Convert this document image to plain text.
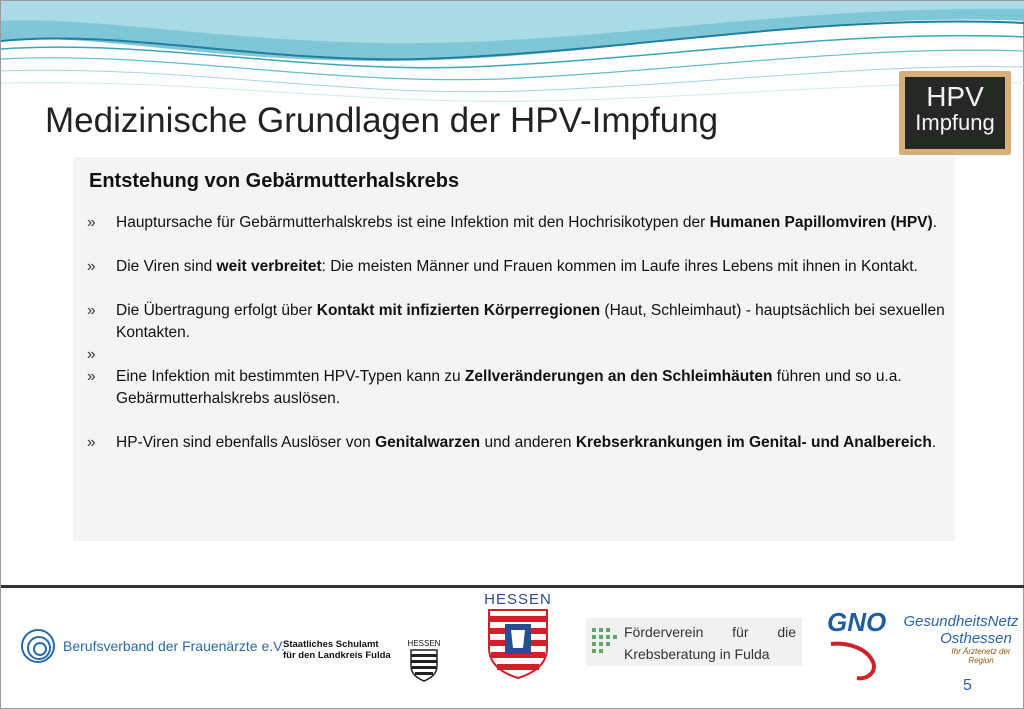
Medizinische Grundlagen der HPV-Impfung
HPV
Impfung
Entstehung von Gebärmutterhalskrebs
»	Hauptursache für Gebärmutterhalskrebs ist eine Infektion mit den Hochrisikotypen der Humanen Papillomviren (HPV).
»	Die Viren sind weit verbreitet: Die meisten Männer und Frauen kommen im Laufe ihres Lebens mit ihnen in Kontakt.
»	Die Übertragung erfolgt über Kontakt mit infizierten Körperregionen (Haut, Schleimhaut) - hauptsächlich bei sexuellen Kontakten.
»
»	Eine Infektion mit bestimmten HPV-Typen kann zu Zellveränderungen an den Schleimhäuten führen und so u.a. Gebärmutterhalskrebs auslösen.
»	HP-Viren sind ebenfalls Auslöser von Genitalwarzen und anderen Krebserkrankungen im Genital- und Analbereich.
Berufsverband der Frauenärzte e.V.
Staatliches Schulamt
für den Landkreis Fulda
HESSEN
HESSEN
Förderverein für die
Krebsberatung in Fulda
GNO GesundheitsNetz
Osthessen
Ihr Ärztenetz der Region
5
